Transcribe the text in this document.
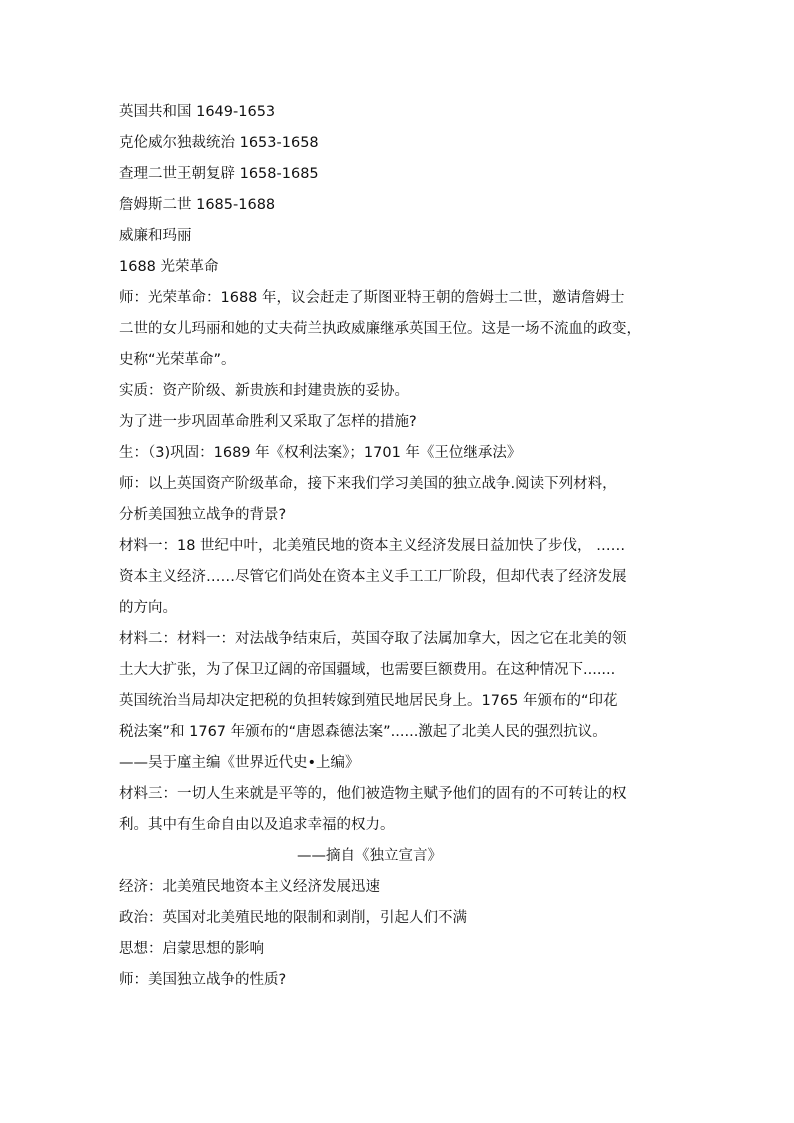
英国共和国 1649-1653
克伦威尔独裁统治 1653-1658
查理二世王朝复辟 1658-1685
詹姆斯二世 1685-1688
威廉和玛丽
1688 光荣革命
师：光荣革命：1688 年，议会赶走了斯图亚特王朝的詹姆士二世，邀请詹姆士
二世的女儿玛丽和她的丈夫荷兰执政威廉继承英国王位。这是一场不流血的政变，
史称“光荣革命”。
实质：资产阶级、新贵族和封建贵族的妥协。
为了进一步巩固革命胜利又采取了怎样的措施?
生：（3)巩固：1689 年《权利法案》；1701 年《王位继承法》
师：以上英国资产阶级革命，接下来我们学习美国的独立战争.阅读下列材料，
分析美国独立战争的背景?
材料一：18 世纪中叶，北美殖民地的资本主义经济发展日益加快了步伐， ……
资本主义经济……尽管它们尚处在资本主义手工工厂阶段，但却代表了经济发展
的方向。
材料二：材料一：对法战争结束后，英国夺取了法属加拿大，因之它在北美的领
土大大扩张，为了保卫辽阔的帝国疆域，也需要巨额费用。在这种情况下.......
英国统治当局却决定把税的负担转嫁到殖民地居民身上。1765 年颁布的“印花
税法案”和 1767 年颁布的“唐恩森德法案”......激起了北美人民的强烈抗议。
——吴于廑主编《世界近代史•上编》
材料三：一切人生来就是平等的，他们被造物主赋予他们的固有的不可转让的权
利。其中有生命自由以及追求幸福的权力。
——摘自《独立宣言》
经济：北美殖民地资本主义经济发展迅速
政治：英国对北美殖民地的限制和剥削，引起人们不满
思想：启蒙思想的影响
师：美国独立战争的性质?
